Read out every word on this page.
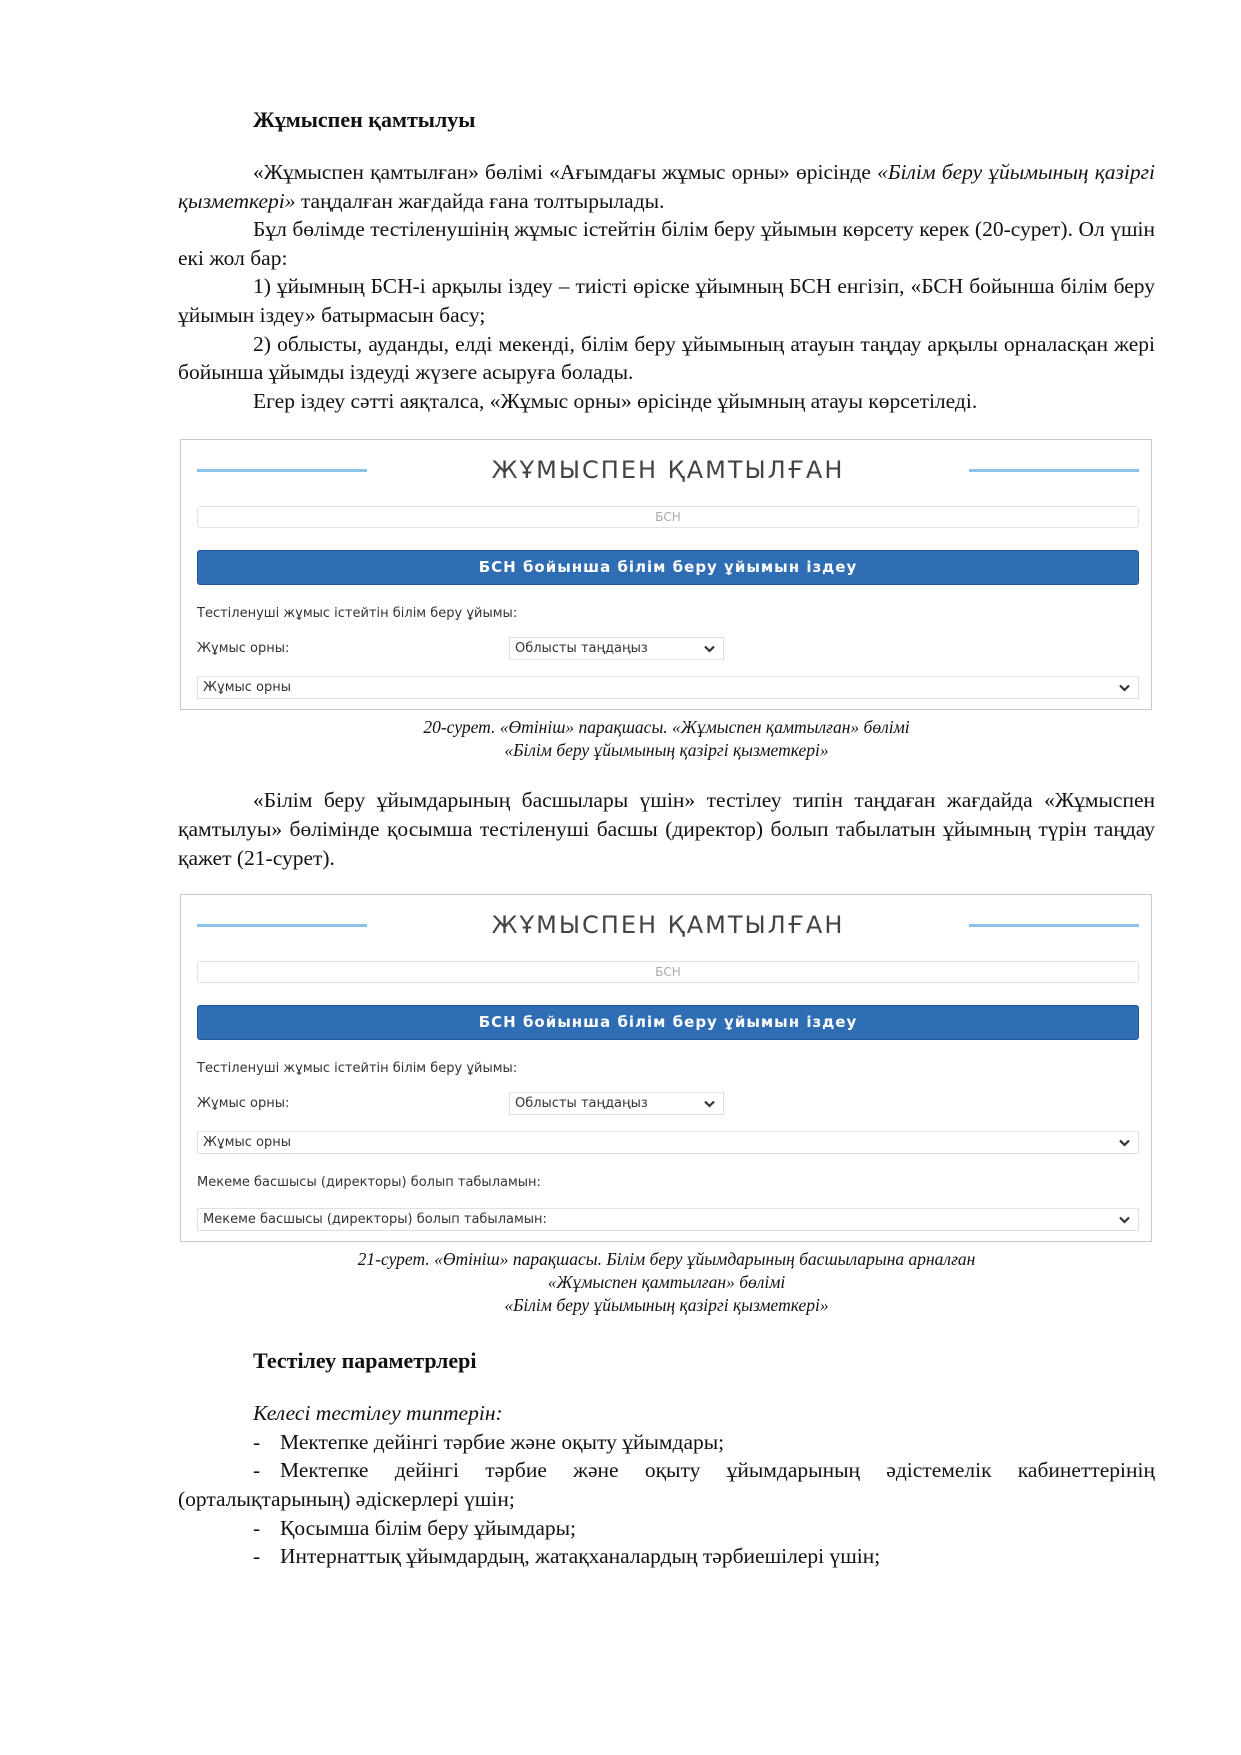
Жұмыспен қамтылуы

«Жұмыспен қамтылған» бөлімі «Ағымдағы жұмыс орны» өрісінде «Білім беру ұйымының қазіргі қызметкері» таңдалған жағдайда ғана толтырылады.

Бұл бөлімде тестіленушінің жұмыс істейтін білім беру ұйымын көрсету керек (20-сурет). Ол үшін екі жол бар:

1) ұйымның БСН-і арқылы іздеу – тиісті өріске ұйымның БСН енгізіп, «БСН бойынша білім беру ұйымын іздеу» батырмасын басу;

2) облысты, ауданды, елді мекенді, білім беру ұйымының атауын таңдау арқылы орналасқан жері бойынша ұйымды іздеуді жүзеге асыруға болады.

Егер іздеу сәтті аяқталса, «Жұмыс орны» өрісінде ұйымның атауы көрсетіледі.

ЖҰМЫСПЕН ҚАМТЫЛҒАН
БСН
БСН бойынша білім беру ұйымын іздеу
Тестіленуші жұмыс істейтін білім беру ұйымы:
Жұмыс орны:	Облысты таңдаңыз
Жұмыс орны
20-сурет. «Өтініш» парақшасы. «Жұмыспен қамтылған» бөлімі
«Білім беру ұйымының қазіргі қызметкері»

«Білім беру ұйымдарының басшылары үшін» тестілеу типін таңдаған жағдайда «Жұмыспен қамтылуы» бөлімінде қосымша тестіленуші басшы (директор) болып табылатын ұйымның түрін таңдау қажет (21-сурет).

ЖҰМЫСПЕН ҚАМТЫЛҒАН
БСН
БСН бойынша білім беру ұйымын іздеу
Тестіленуші жұмыс істейтін білім беру ұйымы:
Жұмыс орны:	Облысты таңдаңыз
Жұмыс орны
Мекеме басшысы (директоры) болып табыламын:
Мекеме басшысы (директоры) болып табыламын:
21-сурет. «Өтініш» парақшасы. Білім беру ұйымдарының басшыларына арналған
«Жұмыспен қамтылған» бөлімі
«Білім беру ұйымының қазіргі қызметкері»
Тестілеу параметрлері

Келесі тестілеу типтерін:

- Мектепке дейінгі тәрбие және оқыту ұйымдары;

- Мектепке дейінгі тәрбие және оқыту ұйымдарының әдістемелік кабинеттерінің (орталықтарының) әдіскерлері үшін;

- Қосымша білім беру ұйымдары;

- Интернаттық ұйымдардың, жатақханалардың тәрбиешілері үшін;
